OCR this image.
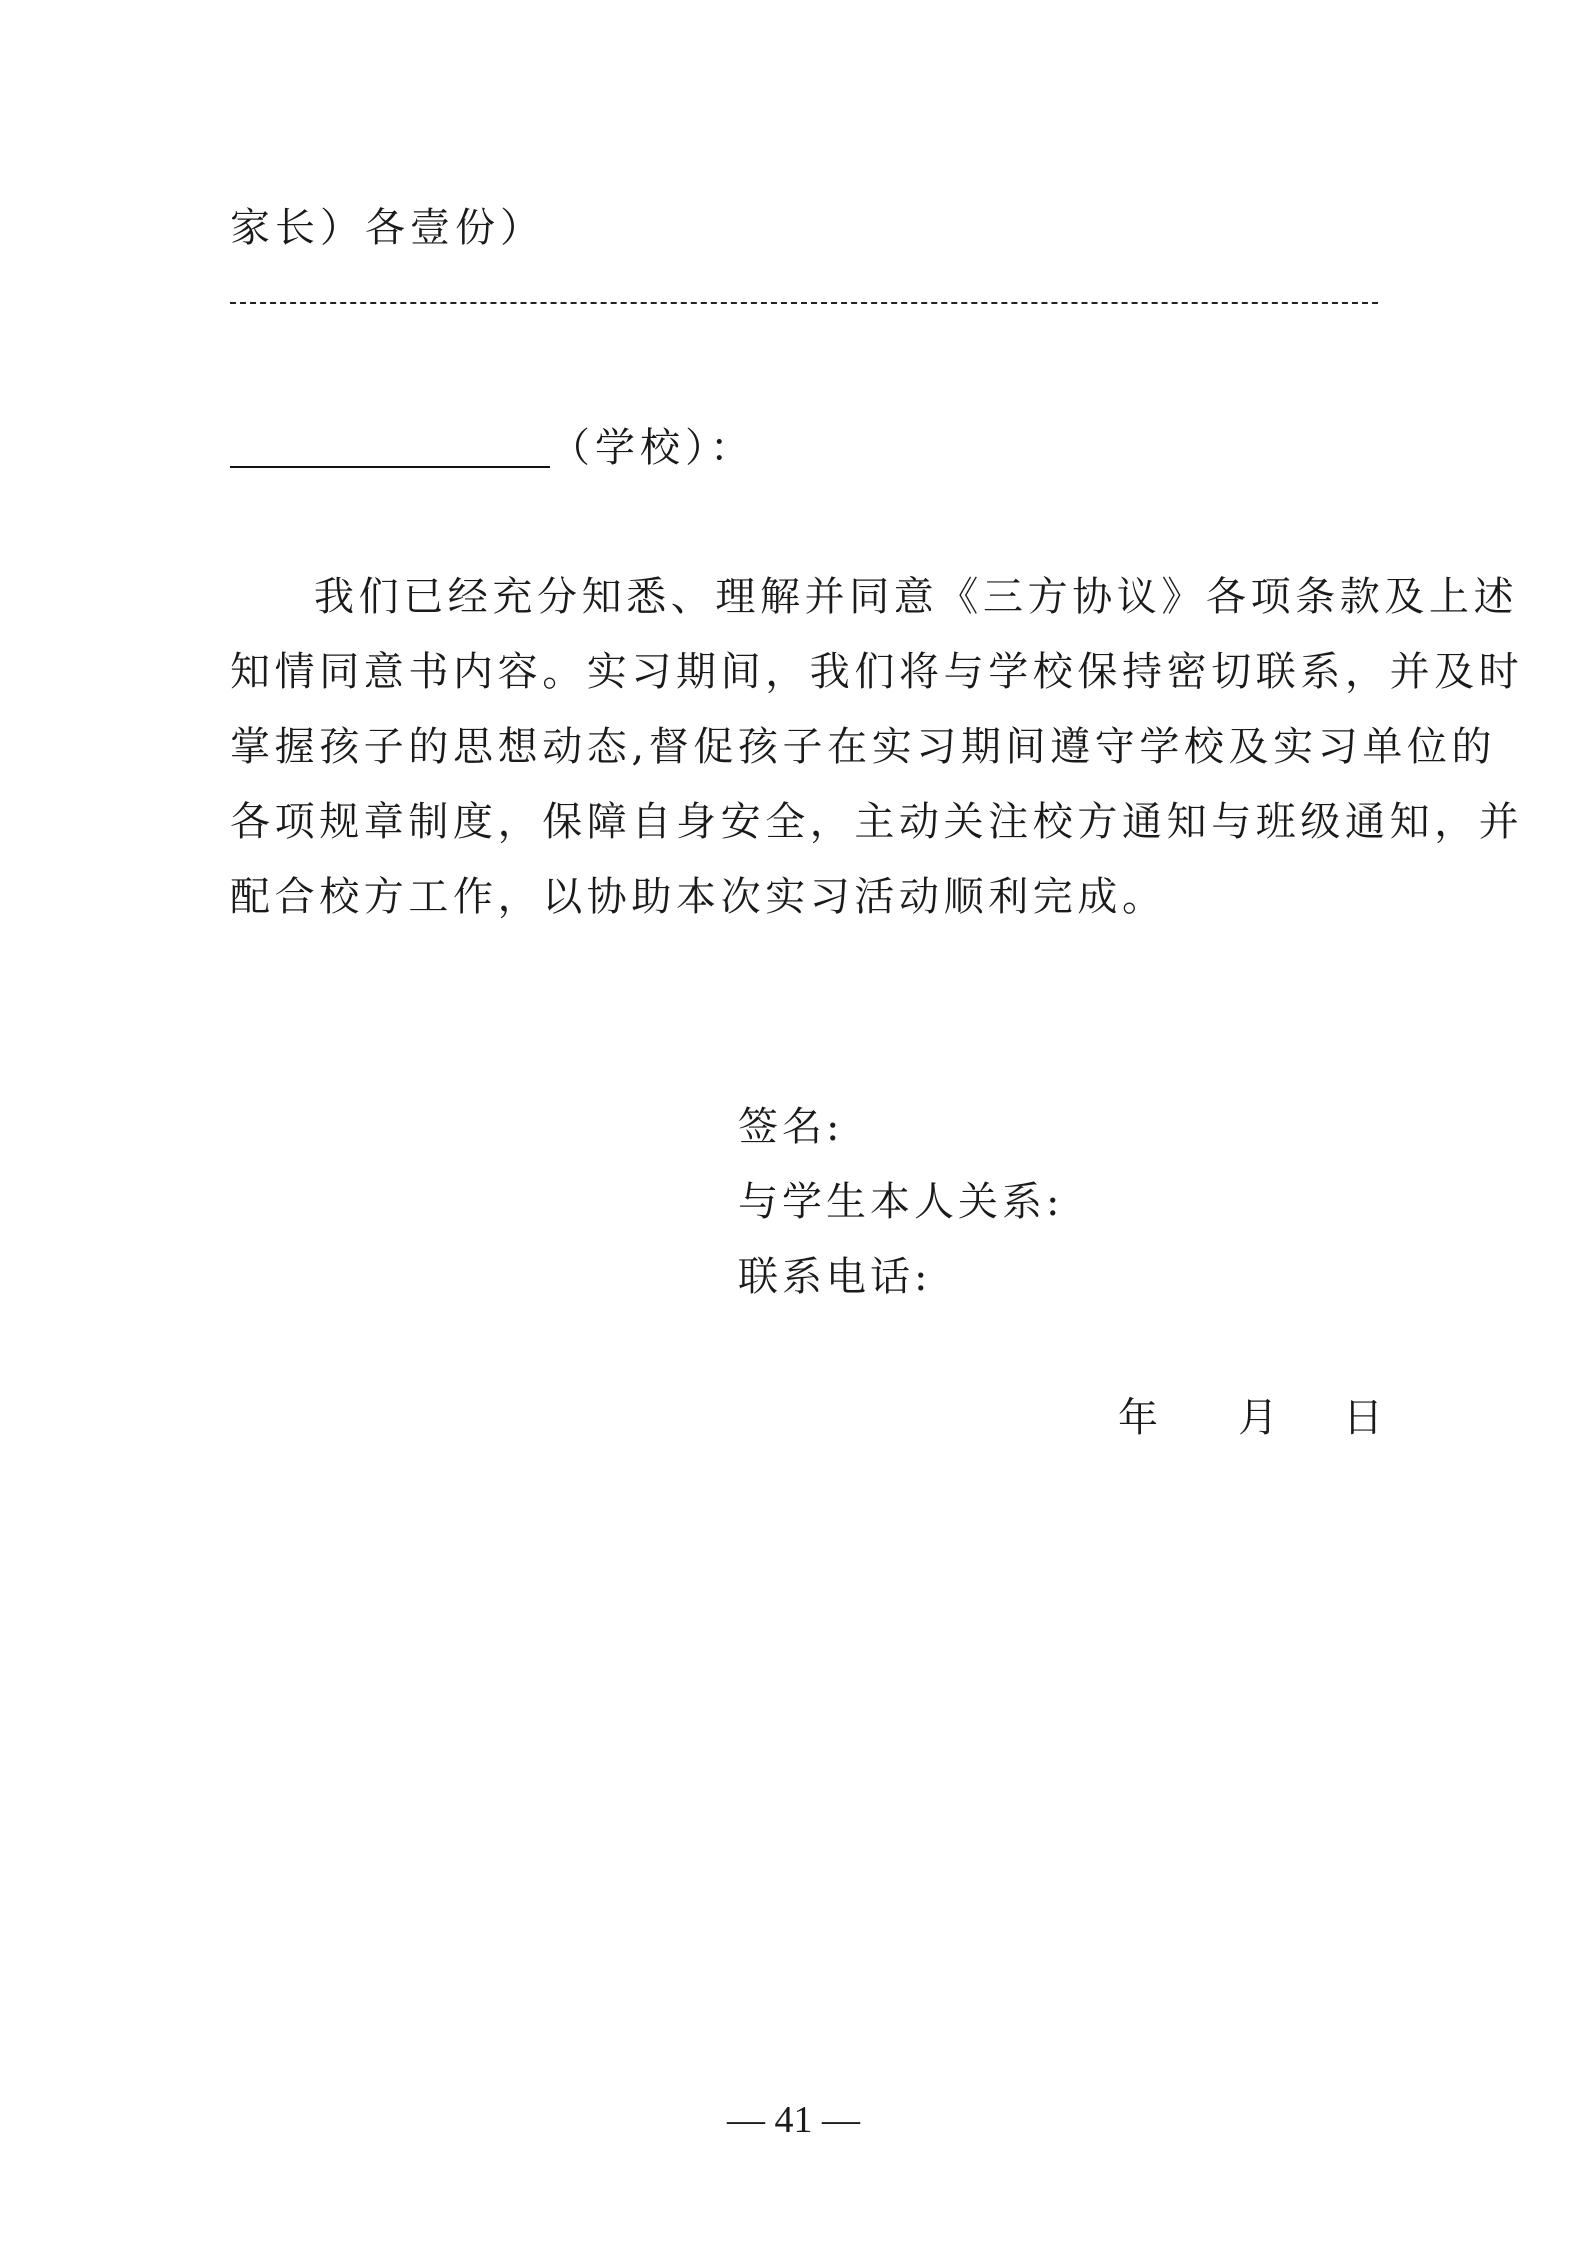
家长）各壹份）
（学校）：

我们已经充分知悉、理解并同意《三方协议》各项条款及上述

知情同意书内容。实习期间，我们将与学校保持密切联系，并及时

掌握孩子的思想动态,督促孩子在实习期间遵守学校及实习单位的

各项规章制度，保障自身安全，主动关注校方通知与班级通知，并

配合校方工作，以协助本次实习活动顺利完成。

签名:
与学生本人关系:
联系电话:
年 月 日
— 41 —
